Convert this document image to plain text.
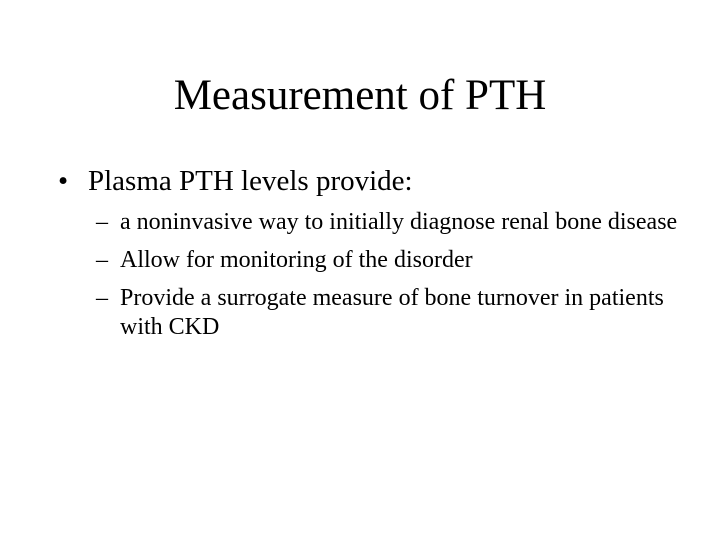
Measurement of PTH
• Plasma PTH levels provide:
– a noninvasive way to initially diagnose renal bone disease
– Allow for monitoring of the disorder
– Provide a surrogate measure of bone turnover in patients with CKD
